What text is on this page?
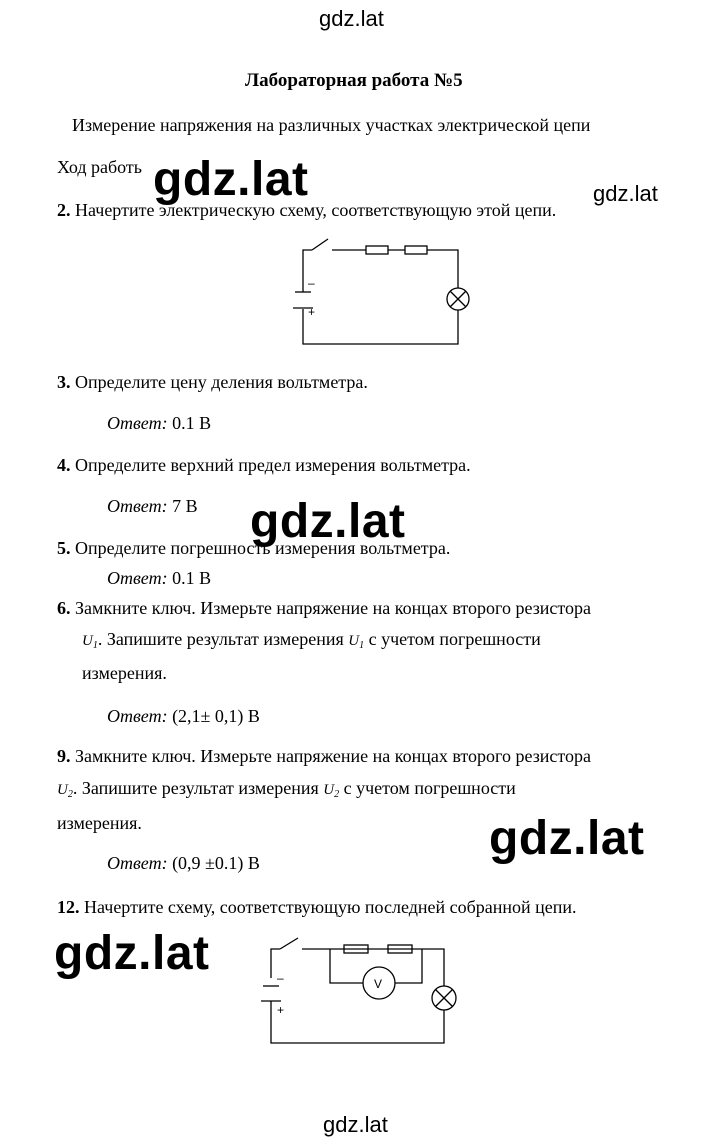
gdz.lat
gdz.lat	gdz.lat
gdz.lat
gdz.lat
gdz.lat
gdz.lat
Лабораторная работа №5
Измерение напряжения на различных участках электрической цепи
Ход работь
2. Начертите электрическую схему, соответствующую этой цепи.
–
+
3. Определите цену деления вольтметра.
Ответ: 0.1 В
4. Определите верхний предел измерения вольтметра.
Ответ: 7 В
5. Определите погрешность измерения вольтметра.
Ответ: 0.1 В
6. Замкните ключ. Измерьте напряжение на концах второго резистора
$U_1$. Запишите результат измерения $U_1$ с учетом погрешности
измерения.
Ответ: (2,1± 0,1) В
9. Замкните ключ. Измерьте напряжение на концах второго резистора
$U_2$. Запишите результат измерения $U_2$ с учетом погрешности
измерения.
Ответ: (0,9 ±0.1) В
12. Начертите схему, соответствующую последней собранной цепи.
V
–
+
